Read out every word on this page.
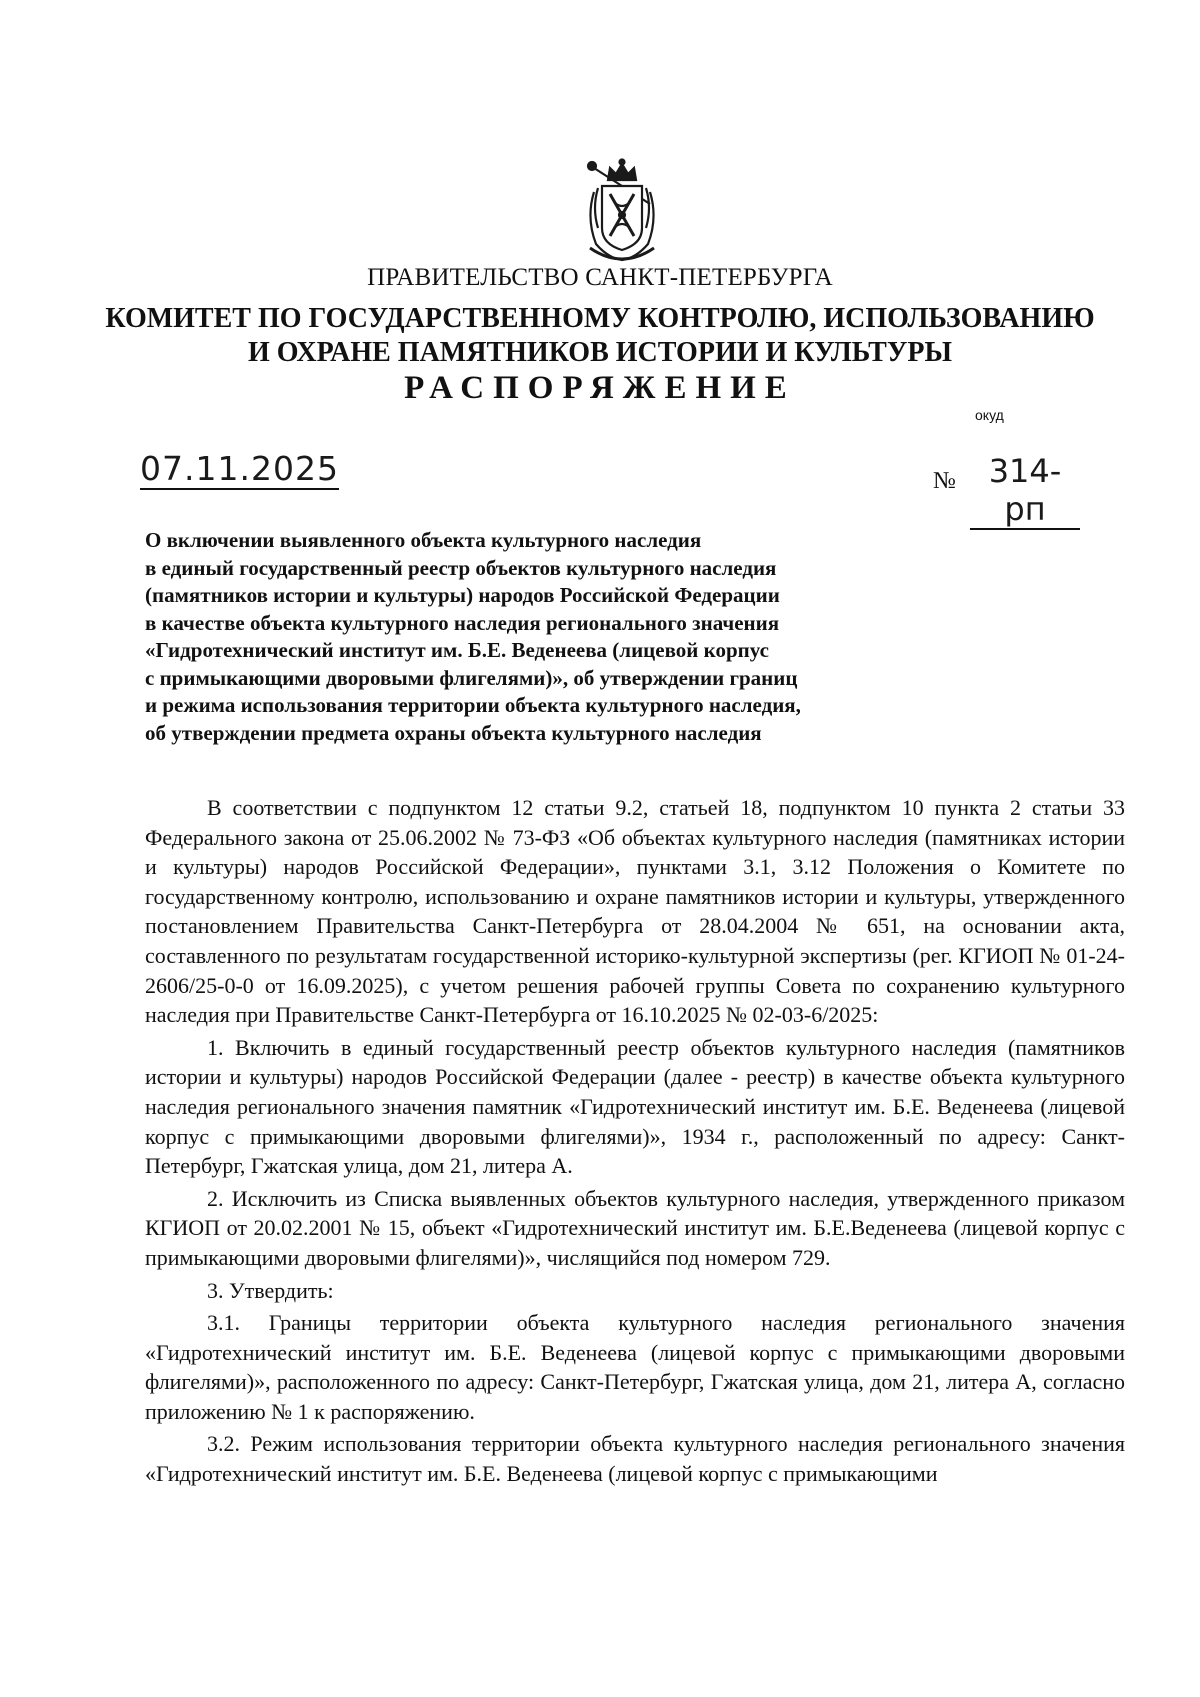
ПРАВИТЕЛЬСТВО САНКТ-ПЕТЕРБУРГА
КОМИТЕТ ПО ГОСУДАРСТВЕННОМУ КОНТРОЛЮ, ИСПОЛЬЗОВАНИЮ
И ОХРАНЕ ПАМЯТНИКОВ ИСТОРИИ И КУЛЬТУРЫ
РАСПОРЯЖЕНИЕ
окуд
07.11.2025	№	314-рп
О включении выявленного объекта культурного наследия
в единый государственный реестр объектов культурного наследия
(памятников истории и культуры) народов Российской Федерации
в качестве объекта культурного наследия регионального значения
«Гидротехнический институт им. Б.Е. Веденеева (лицевой корпус
с примыкающими дворовыми флигелями)», об утверждении границ
и режима использования территории объекта культурного наследия,
об утверждении предмета охраны объекта культурного наследия

В соответствии с подпунктом 12 статьи 9.2, статьей 18, подпунктом 10 пункта 2 статьи 33 Федерального закона от 25.06.2002 № 73-ФЗ «Об объектах культурного наследия (памятниках истории и культуры) народов Российской Федерации», пунктами 3.1, 3.12 Положения о Комитете по государственному контролю, использованию и охране памятников истории и культуры, утвержденного постановлением Правительства Санкт-Петербурга от 28.04.2004 № 651, на основании акта, составленного по результатам государственной историко-культурной экспертизы (рег. КГИОП № 01-24-2606/25-0-0 от 16.09.2025), с учетом решения рабочей группы Совета по сохранению культурного наследия при Правительстве Санкт-Петербурга от 16.10.2025 № 02-03-6/2025:

1. Включить в единый государственный реестр объектов культурного наследия (памятников истории и культуры) народов Российской Федерации (далее - реестр) в качестве объекта культурного наследия регионального значения памятник «Гидротехнический институт им. Б.Е. Веденеева (лицевой корпус с примыкающими дворовыми флигелями)», 1934 г., расположенный по адресу: Санкт-Петербург, Гжатская улица, дом 21, литера А.

2. Исключить из Списка выявленных объектов культурного наследия, утвержденного приказом КГИОП от 20.02.2001 № 15, объект «Гидротехнический институт им. Б.Е.Веденеева (лицевой корпус с примыкающими дворовыми флигелями)», числящийся под номером 729.

3. Утвердить:

3.1. Границы территории объекта культурного наследия регионального значения «Гидротехнический институт им. Б.Е. Веденеева (лицевой корпус с примыкающими дворовыми флигелями)», расположенного по адресу: Санкт-Петербург, Гжатская улица, дом 21, литера А, согласно приложению № 1 к распоряжению.

3.2. Режим использования территории объекта культурного наследия регионального значения «Гидротехнический институт им. Б.Е. Веденеева (лицевой корпус с примыкающими
